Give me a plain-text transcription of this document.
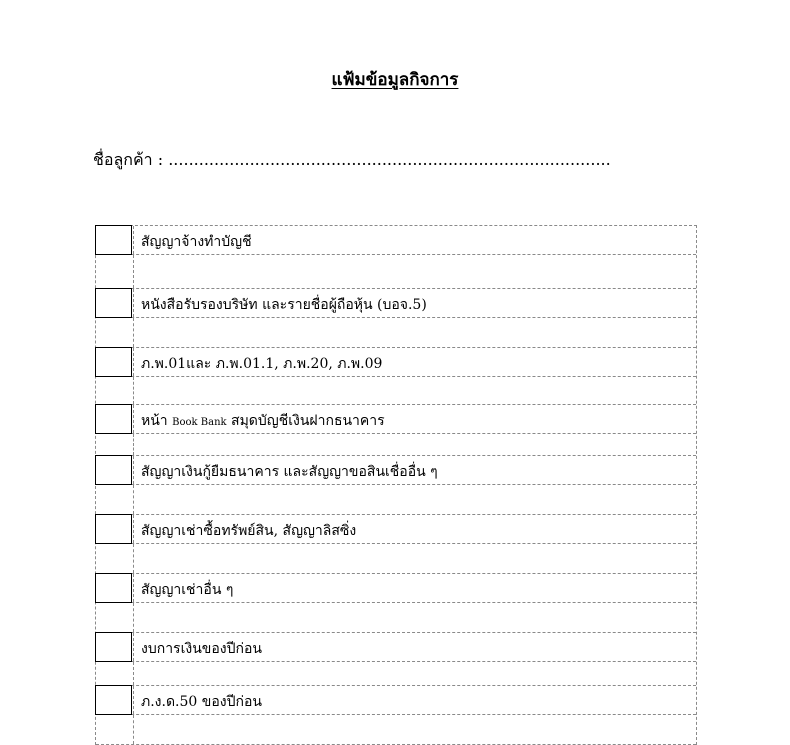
แฟ้มข้อมูลกิจการ
ชื่อลูกค้า : .......................................................................................
สัญญาจ้างทำบัญชี
หนังสือรับรองบริษัท และรายชื่อผู้ถือหุ้น (บอจ.5)
ภ.พ.01และ ภ.พ.01.1, ภ.พ.20, ภ.พ.09
หน้า Book Bank สมุดบัญชีเงินฝากธนาคาร
สัญญาเงินกู้ยืมธนาคาร และสัญญาขอสินเชื่ออื่น ๆ
สัญญาเช่าซื้อทรัพย์สิน, สัญญาลิสซิ่ง
สัญญาเช่าอื่น ๆ
งบการเงินของปีก่อน
ภ.ง.ด.50 ของปีก่อน
